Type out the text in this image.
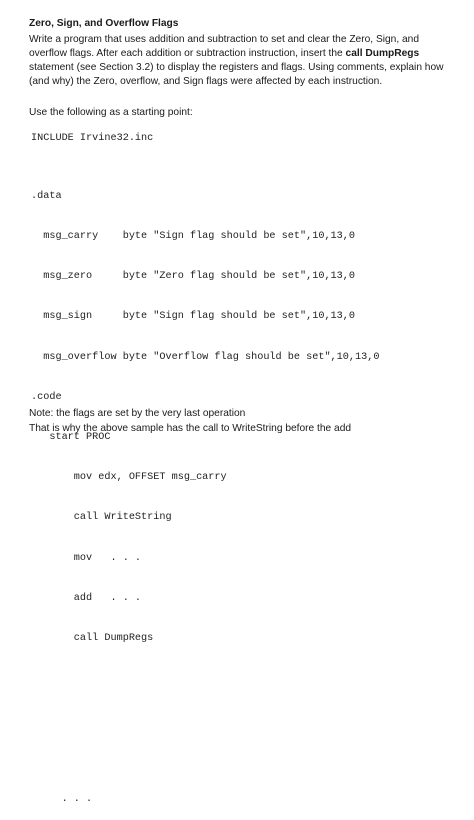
Zero, Sign, and Overflow Flags
Write a program that uses addition and subtraction to set and clear the Zero, Sign, and
overflow flags. After each addition or subtraction instruction, insert the call DumpRegs
statement (see Section 3.2) to display the registers and flags. Using comments, explain how
(and why) the Zero, overflow, and Sign flags were affected by each instruction.
Use the following as a starting point:
INCLUDE Irvine32.inc

.data

msg_carry    byte "Sign flag should be set",10,13,0

msg_zero     byte "Zero flag should be set",10,13,0

msg_sign     byte "Sign flag should be set",10,13,0

msg_overflow byte "Overflow flag should be set",10,13,0

.code

start PROC

mov edx, OFFSET msg_carry

call WriteString

mov   . . .

add   . . .

call DumpRegs

. . .

Note: the flags are set by the very last operation
That is why the above sample has the call to WriteString before the add
